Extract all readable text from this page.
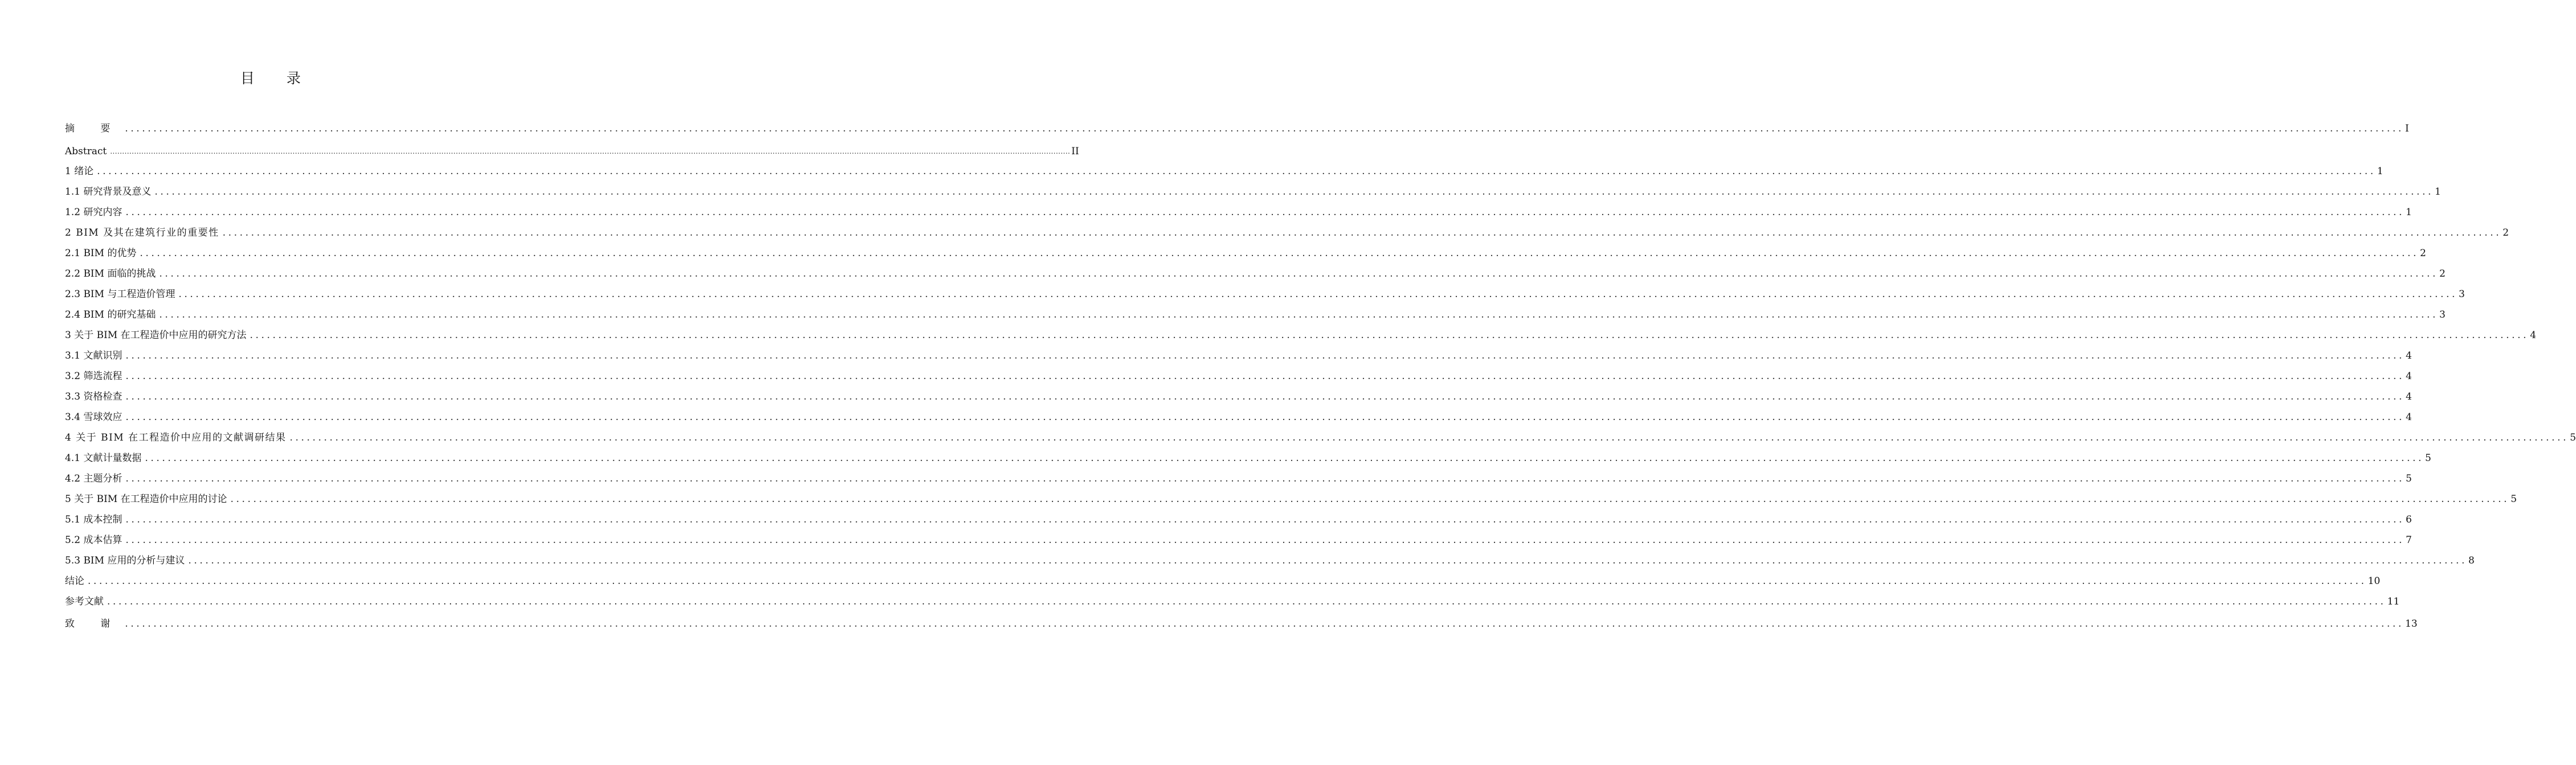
目 录
摘 要 ................................................................................................................................................................................................................................................................................................................................................................................................................ I
Abstract ................................................................................................................................................................................................................................................................................................................................................................................................................ II
1 绪论 ................................................................................................................................................................................................................................................................................................................................................................................................................ 1
1.1 研究背景及意义 ................................................................................................................................................................................................................................................................................................................................................................................................................ 1
1.2 研究内容 ................................................................................................................................................................................................................................................................................................................................................................................................................ 1
2 BIM 及其在建筑行业的重要性 ................................................................................................................................................................................................................................................................................................................................................................................................................ 2
2.1 BIM 的优势 ................................................................................................................................................................................................................................................................................................................................................................................................................ 2
2.2 BIM 面临的挑战 ................................................................................................................................................................................................................................................................................................................................................................................................................ 2
2.3 BIM 与工程造价管理 ................................................................................................................................................................................................................................................................................................................................................................................................................ 3
2.4 BIM 的研究基础 ................................................................................................................................................................................................................................................................................................................................................................................................................ 3
3 关于 BIM 在工程造价中应用的研究方法 ................................................................................................................................................................................................................................................................................................................................................................................................................ 4
3.1 文献识别 ................................................................................................................................................................................................................................................................................................................................................................................................................ 4
3.2 筛选流程 ................................................................................................................................................................................................................................................................................................................................................................................................................ 4
3.3 资格检查 ................................................................................................................................................................................................................................................................................................................................................................................................................ 4
3.4 雪球效应 ................................................................................................................................................................................................................................................................................................................................................................................................................ 4
4 关于 BIM 在工程造价中应用的文献调研结果 ................................................................................................................................................................................................................................................................................................................................................................................................................ 5
4.1 文献计量数据 ................................................................................................................................................................................................................................................................................................................................................................................................................ 5
4.2 主题分析 ................................................................................................................................................................................................................................................................................................................................................................................................................ 5
5 关于 BIM 在工程造价中应用的讨论 ................................................................................................................................................................................................................................................................................................................................................................................................................ 5
5.1 成本控制 ................................................................................................................................................................................................................................................................................................................................................................................................................ 6
5.2 成本估算 ................................................................................................................................................................................................................................................................................................................................................................................................................ 7
5.3 BIM 应用的分析与建议 ................................................................................................................................................................................................................................................................................................................................................................................................................ 8
结论 ................................................................................................................................................................................................................................................................................................................................................................................................................ 10
参考文献 ................................................................................................................................................................................................................................................................................................................................................................................................................ 11
致 谢 ................................................................................................................................................................................................................................................................................................................................................................................................................ 13
